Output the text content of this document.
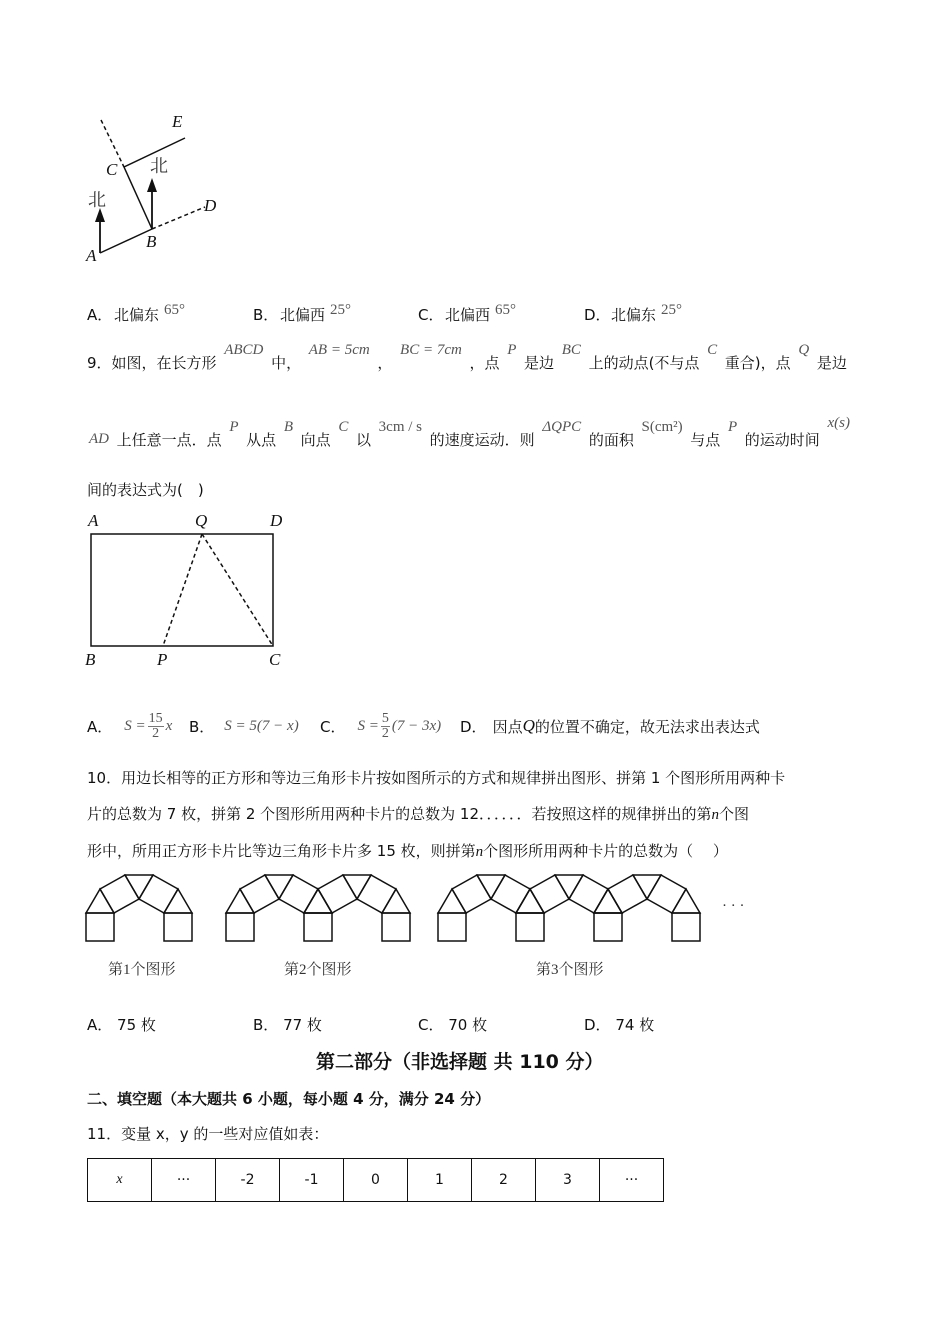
E
C 北
北	D
A
B
A． 北偏东 65°	B． 北偏西 25°	C． 北偏西 65°	D． 北偏东 25°
9．如图，在长方形
ABCD
中，
AB = 5cm
，
BC = 7cm
，点
P
是边
BC
上的动点(不与点
C
重合)，点
Q
是边
AD 上任意一点．点
P
从点
B
向点
C
以
3cm / s
的速度运动．则
ΔQPC
的面积
S(cm²)
与点
P
的运动时间
x(s)
间的表达式为(　)
A	Q	D
B	P	C
A． $S = \frac{15}{2}$ x B． S = 5(7 − x) C． $S = \frac{5}{2} (7 - 3x)$ D． 因点 Q 的位置不确定，故无法求出表达式
10．用边长相等的正方形和等边三角形卡片按如图所示的方式和规律拼出图形、拼第 1 个图形所用两种卡
片的总数为 7 枚，拼第 2 个图形所用两种卡片的总数为 12．．．．．．若按照这样的规律拼出的第n个图
形中，所用正方形卡片比等边三角形卡片多 15 枚，则拼第n个图形所用两种卡片的总数为（　 ）
第1个图形	第2个图形	第3个图形
· · ·
A． 75 枚	B． 77 枚	C． 70 枚	D． 74 枚
第二部分（非选择题 共 110 分）
二、填空题（本大题共 6 小题，每小题 4 分，满分 24 分）
11．变量 x，y 的一些对应值如表：
x	···	-2	-1	0	1	2	3	···
